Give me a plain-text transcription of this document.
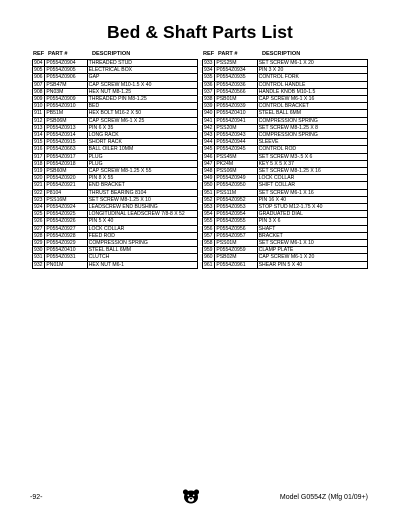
Bed & Shaft Parts List
REF PART #	DESCRIPTION
904	P0554Z0904	THREADED STUD
905	P0554Z0905	ELECTRICAL BOX
906	P0554Z0906	GAP
907	PSB47M	CAP SCREW M10-1.5 X 40
908	PN03M	HEX NUT M8-1.25
909	P0554Z0909	THREADED PIN M8-1.25
910	P0554Z0910	BED
911	PB51M	HEX BOLT M16-2 X 50
912	PSB06M	CAP SCREW M6-1 X 25
913	P0554Z0913	PIN 6 X 35
914	P0554Z0914	LONG RACK
915	P0554Z0915	SHORT RACK
916	P0554Z0663	BALL OILER 10MM
917	P0554Z0917	PLUG
918	P0554Z0918	PLUG
919	PSB60M	CAP SCREW M8-1.25 X 55
920	P0554Z0920	PIN 8 X 55
921	P0554Z0921	END BRACKET
922	P8104	THRUST BEARING 8104
923	PSS16M	SET SCREW M8-1.25 X 10
924	P0554Z0924	LEADSCREW END BUSHING
925	P0554Z0925	LONGITUDINAL LEADSCREW 7/8-8 X 52
926	P0554Z0926	PIN 5 X 40
927	P0554Z0927	LOCK COLLAR
928	P0554Z0928	FEED ROD
929	P0554Z0929	COMPRESSION SPRING
930	P0554Z0410	STEEL BALL 6MM
931	P0554Z0931	CLUTCH
932	PN01M	HEX NUT M6-1
REF PART #	DESCRIPTION
933	PSS25M	SET SCREW M6-1 X 20
934	P0554Z0934	PIN 3 X 20
935	P0554Z0935	CONTROL FORK
936	P0554Z0936	CONTROL HANDLE
937	P0554Z0566	HANDLE KNOB M10-1.5
938	PSB01M	CAP SCREW M6-1 X 16
939	P0554Z0939	CONTROL BRACKET
940	P0554Z0410	STEEL BALL 6MM
941	P0554Z0941	COMPRESSION SPRING
942	PSS20M	SET SCREW M8-1.25 X 8
943	P0554Z0943	COMPRESSION SPRING
944	P0554Z0944	SLEEVE
945	P0554Z0945	CONTROL ROD
946	PSS45M	SET SCREW M3-.5 X 6
947	PK24M	KEY 5 X 5 X 37
948	PSS06M	SET SCREW M8-1.25 X 16
949	P0554Z0949	LOCK COLLAR
950	P0554Z0950	SHIFT COLLAR
951	PSS11M	SET SCREW M6-1 X 16
952	P0554Z0952	PIN 16 X 40
953	P0554Z0953	STOP STUD M12-1.75 X 40
954	P0554Z0954	GRADUATED DIAL
955	P0554Z0955	PIN 3 X 6
956	P0554Z0956	SHAFT
957	P0554Z0957	BRACKET
958	PSS01M	SET SCREW M6-1 X 10
959	P0554Z0959	CLAMP PLATE
960	PSB02M	CAP SCREW M6-1 X 20
961	P0554Z0961	SHEAR PIN 5 X 40
-92-	Model G0554Z (Mfg 01/09+)
